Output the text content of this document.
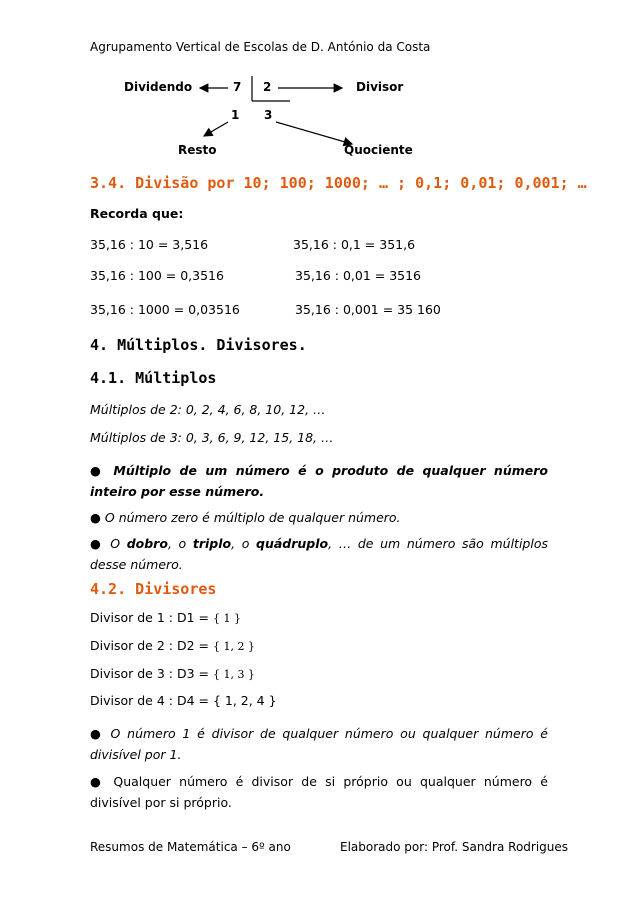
Agrupamento Vertical de Escolas de D. António da Costa
Dividendo	7 2	Divisor
1 3
Resto	Quociente
3.4. Divisão por 10; 100; 1000; … ; 0,1; 0,01; 0,001; …
Recorda que:
35,16 : 10 = 3,516	35,16 : 0,1 = 351,6
35,16 : 100 = 0,3516	35,16 : 0,01 = 3516
35,16 : 1000 = 0,03516	35,16 : 0,001 = 35 160
4. Múltiplos. Divisores.
4.1. Múltiplos
Múltiplos de 2: 0, 2, 4, 6, 8, 10, 12, …
Múltiplos de 3: 0, 3, 6, 9, 12, 15, 18, …
● Múltiplo de um número é o produto de qualquer número inteiro por esse número.
● O número zero é múltiplo de qualquer número.
● O dobro, o triplo, o quádruplo, … de um número são múltiplos desse número.
4.2. Divisores
Divisor de 1 : D1 = { 1 }
Divisor de 2 : D2 = { 1, 2 }
Divisor de 3 : D3 = { 1, 3 }
Divisor de 4 : D4 = { 1, 2, 4 }
● O número 1 é divisor de qualquer número ou qualquer número é divisível por 1.
● Qualquer número é divisor de si próprio ou qualquer número é divisível por si próprio.
Resumos de Matemática – 6º ano	Elaborado por: Prof. Sandra Rodrigues
